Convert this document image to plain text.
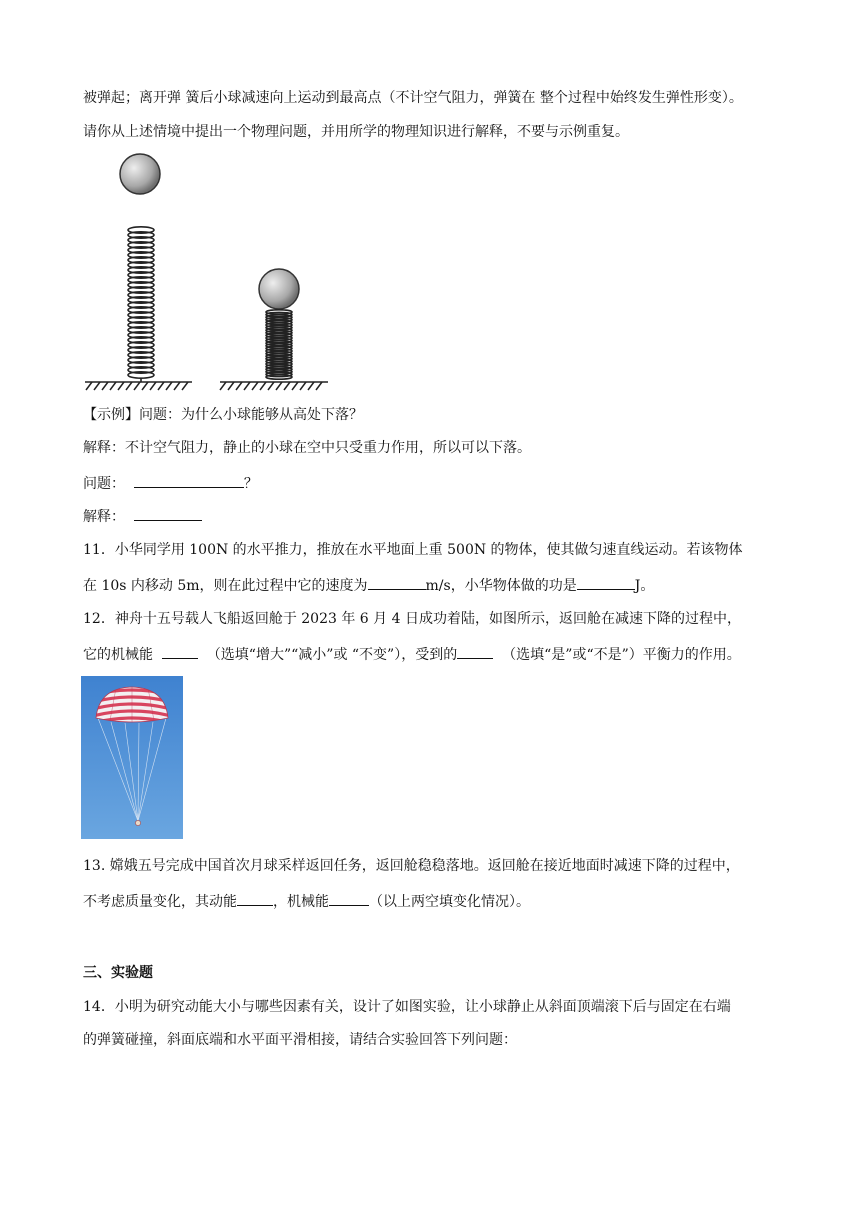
被弹起；离开弹 簧后小球减速向上运动到最高点（不计空气阻力，弹簧在 整个过程中始终发生弹性形变）。
请你从上述情境中提出一个物理问题，并用所学的物理知识进行解释，不要与示例重复。
【示例】问题：为什么小球能够从高处下落？
解释：不计空气阻力，静止的小球在空中只受重力作用，所以可以下落。
问题：	？
解释：
11．小华同学用 100N 的水平推力，推放在水平地面上重 500N 的物体，使其做匀速直线运动。若该物体
在 10s 内移动 5m，则在此过程中它的速度为	m/s，小华物体做的功是	J。
12．神舟十五号载人飞船返回舱于 2023 年 6 月 4 日成功着陆，如图所示，返回舱在减速下降的过程中，
它的机械能	（选填“增大”“减小”或 “不变”），受到的	（选填“是”或“不是”）平衡力的作用。
13. 嫦娥五号完成中国首次月球采样返回任务，返回舱稳稳落地。返回舱在接近地面时减速下降的过程中，
不考虑质量变化，其动能	，机械能	（以上两空填变化情况）。
三、实验题
14．小明为研究动能大小与哪些因素有关，设计了如图实验，让小球静止从斜面顶端滚下后与固定在右端
的弹簧碰撞，斜面底端和水平面平滑相接，请结合实验回答下列问题：
